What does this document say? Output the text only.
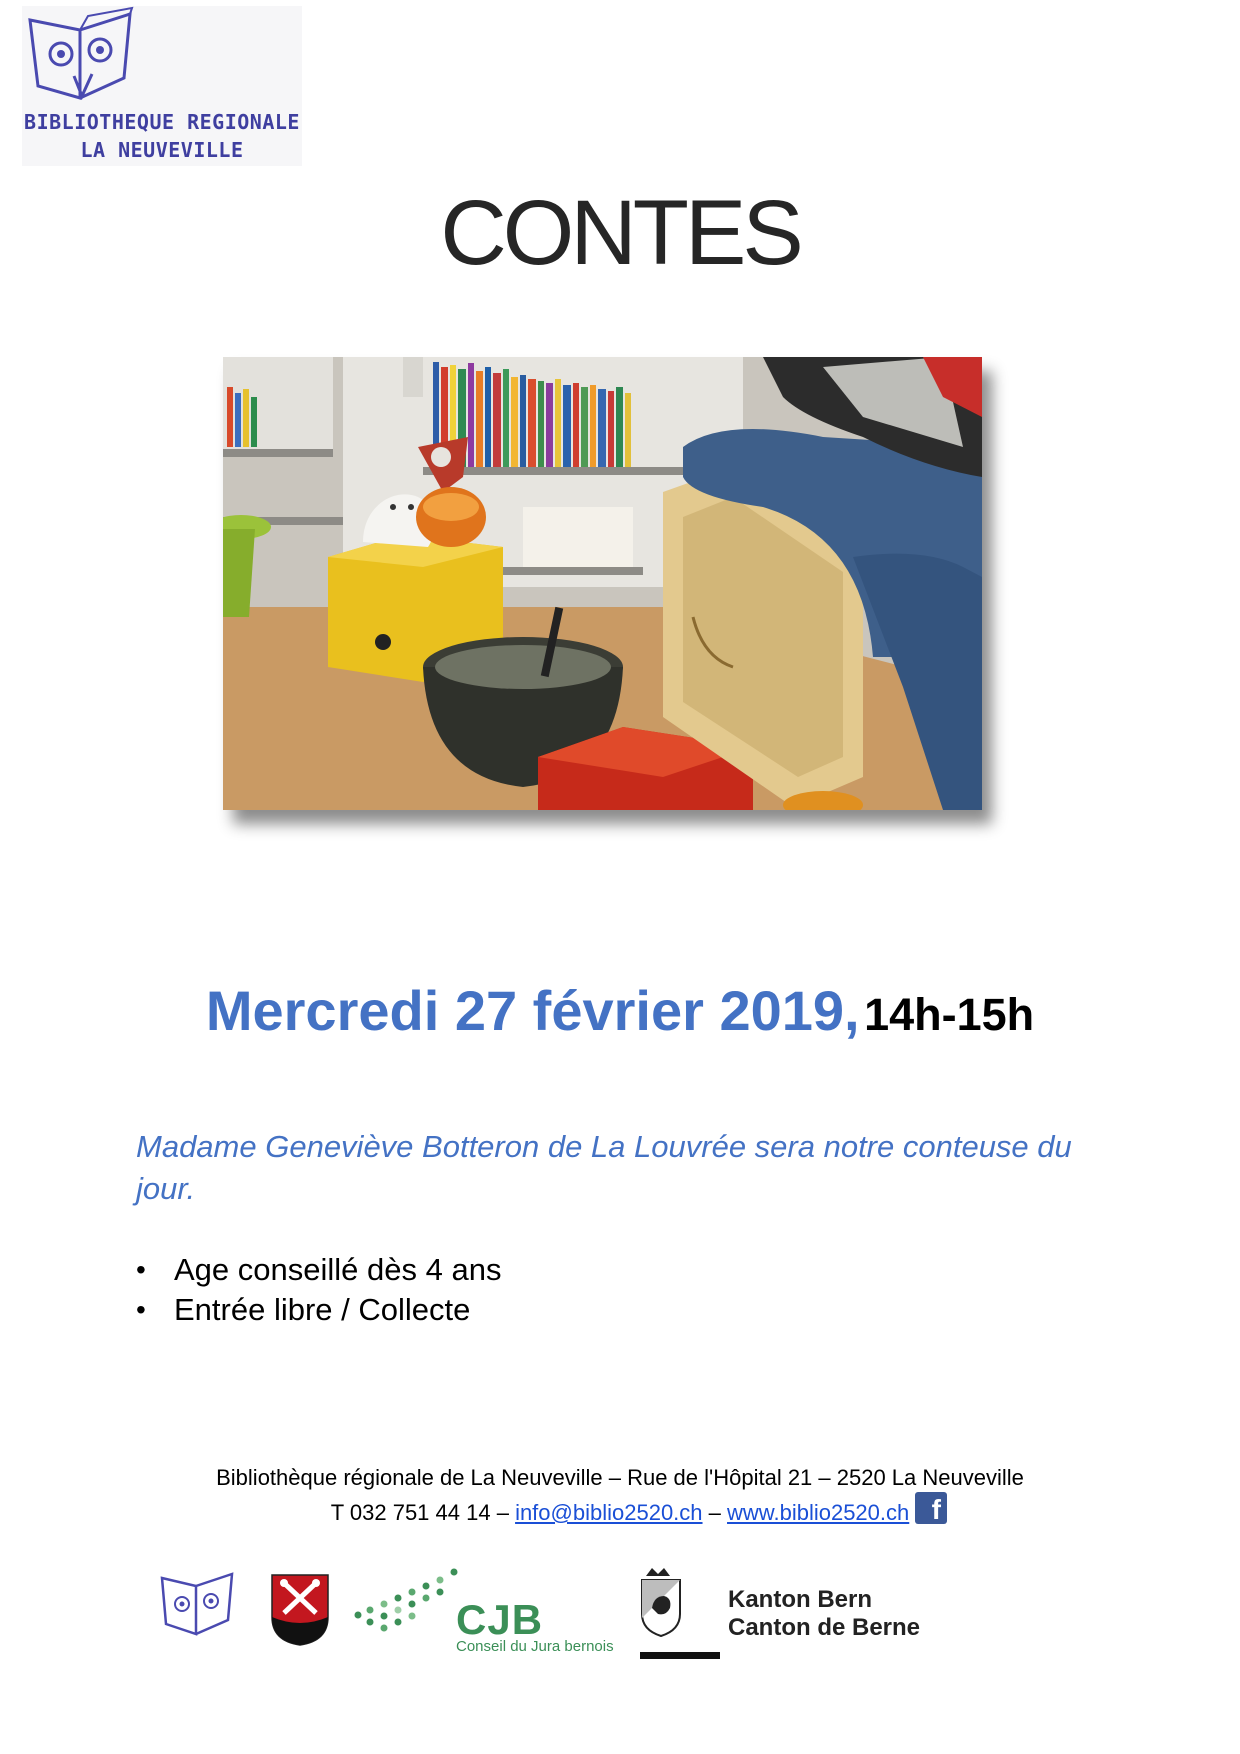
BIBLIOTHEQUE REGIONALE
LA NEUVEVILLE
CONTES
Mercredi 27 février 2019, 14h-15h
Madame Geneviève Botteron de La Louvrée sera notre conteuse du jour.
• Age conseillé dès 4 ans
• Entrée libre / Collecte
Bibliothèque régionale de La Neuveville – Rue de l'Hôpital 21 – 2520 La Neuveville
T 032 751 44 14 – info@biblio2520.ch – www.biblio2520.ch f
CJB
Conseil du Jura bernois
Kanton Bern
Canton de Berne
